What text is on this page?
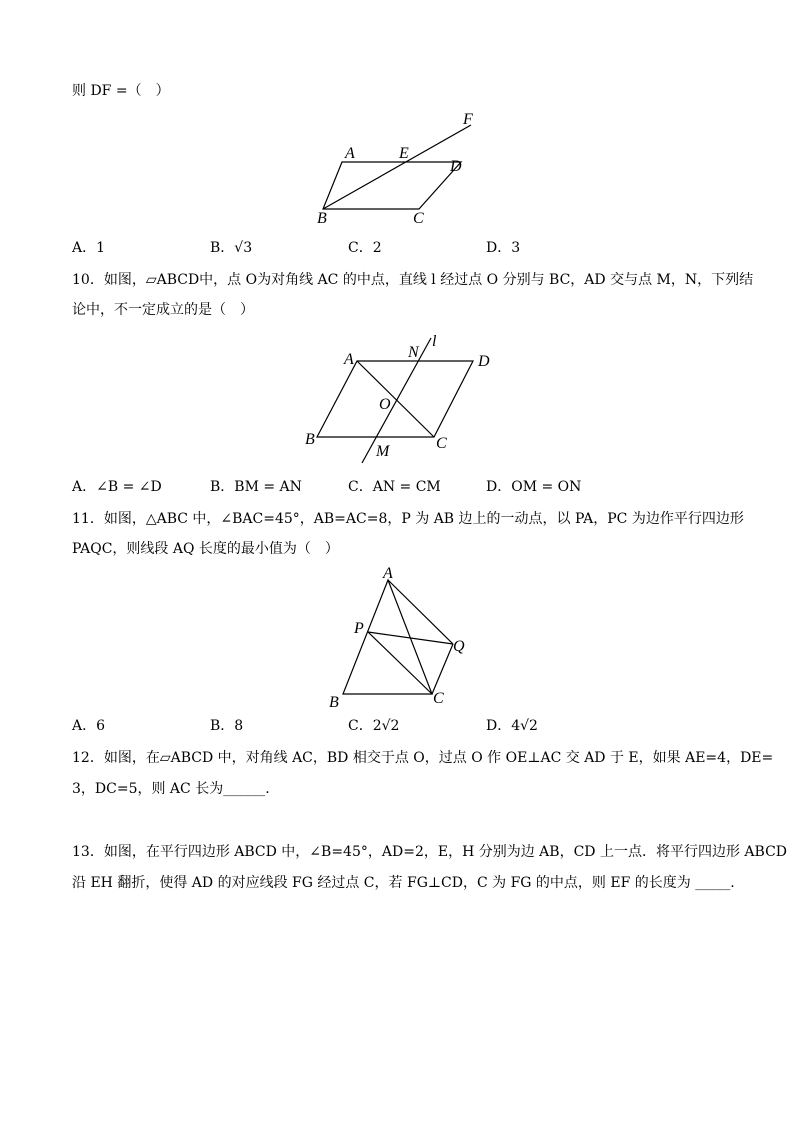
则 DF =（　）
A	E
F
D
B	C
A．1	B．√3	C．2	D．3
10．如图，▱ABCD中，点 O为对角线 AC 的中点，直线 l 经过点 O 分别与 BC，AD 交与点 M，N，下列结
论中，不一定成立的是（　）
A	N
l
D
O
B	C
M
A．∠B = ∠D	B．BM = AN	C．AN = CM	D．OM = ON
11．如图，△ABC 中，∠BAC=45°，AB=AC=8，P 为 AB 边上的一动点，以 PA，PC 为边作平行四边形
PAQC，则线段 AQ 长度的最小值为（　）
A
P
Q
B	C
A．6	B．8	C．2√2	D．4√2
12．如图，在▱ABCD 中，对角线 AC，BD 相交于点 O，过点 O 作 OE⊥AC 交 AD 于 E，如果 AE=4，DE=
3，DC=5，则 AC 长为______.
13．如图，在平行四边形 ABCD 中，∠B=45°，AD=2，E，H 分别为边 AB，CD 上一点．将平行四边形 ABCD
沿 EH 翻折，使得 AD 的对应线段 FG 经过点 C，若 FG⊥CD，C 为 FG 的中点，则 EF 的长度为 _____.
